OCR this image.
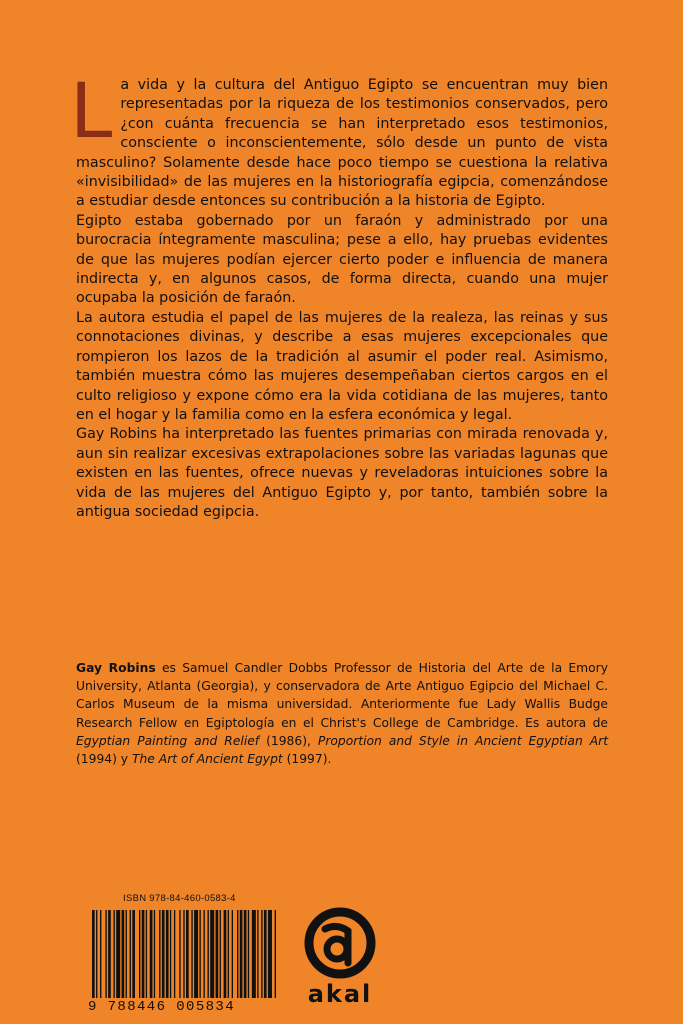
L a vida y la cultura del Antiguo Egipto se encuentran muy bien representadas por la riqueza de los testimonios conservados, pero ¿con cuánta frecuencia se han interpretado esos testimonios, consciente o inconscientemente, sólo desde un punto de vista masculino? Solamente desde hace poco tiempo se cuestiona la relativa «invisibilidad» de las mujeres en la historiografía egipcia, comenzándose a estudiar desde entonces su contribución a la historia de Egipto.

Egipto estaba gobernado por un faraón y administrado por una burocracia íntegramente masculina; pese a ello, hay pruebas evidentes de que las mujeres podían ejercer cierto poder e influencia de manera indirecta y, en algunos casos, de forma directa, cuando una mujer ocupaba la posición de faraón.

La autora estudia el papel de las mujeres de la realeza, las reinas y sus connotaciones divinas, y describe a esas mujeres excepcionales que rompieron los lazos de la tradición al asumir el poder real. Asimismo, también muestra cómo las mujeres desempeñaban ciertos cargos en el culto religioso y expone cómo era la vida cotidiana de las mujeres, tanto en el hogar y la familia como en la esfera económica y legal.

Gay Robins ha interpretado las fuentes primarias con mirada renovada y, aun sin realizar excesivas extrapolaciones sobre las variadas lagunas que existen en las fuentes, ofrece nuevas y reveladoras intuiciones sobre la vida de las mujeres del Antiguo Egipto y, por tanto, también sobre la antigua sociedad egipcia.

Gay Robins es Samuel Candler Dobbs Professor de Historia del Arte de la Emory University, Atlanta (Georgia), y conservadora de Arte Antiguo Egipcio del Michael C. Carlos Museum de la misma universidad. Anteriormente fue Lady Wallis Budge Research Fellow en Egiptología en el Christ's College de Cambridge. Es autora de Egyptian Painting and Relief (1986), Proportion and Style in Ancient Egyptian Art (1994) y The Art of Ancient Egypt (1997).

ISBN 978-84-460-0583-4
9 788446 005834	akal
